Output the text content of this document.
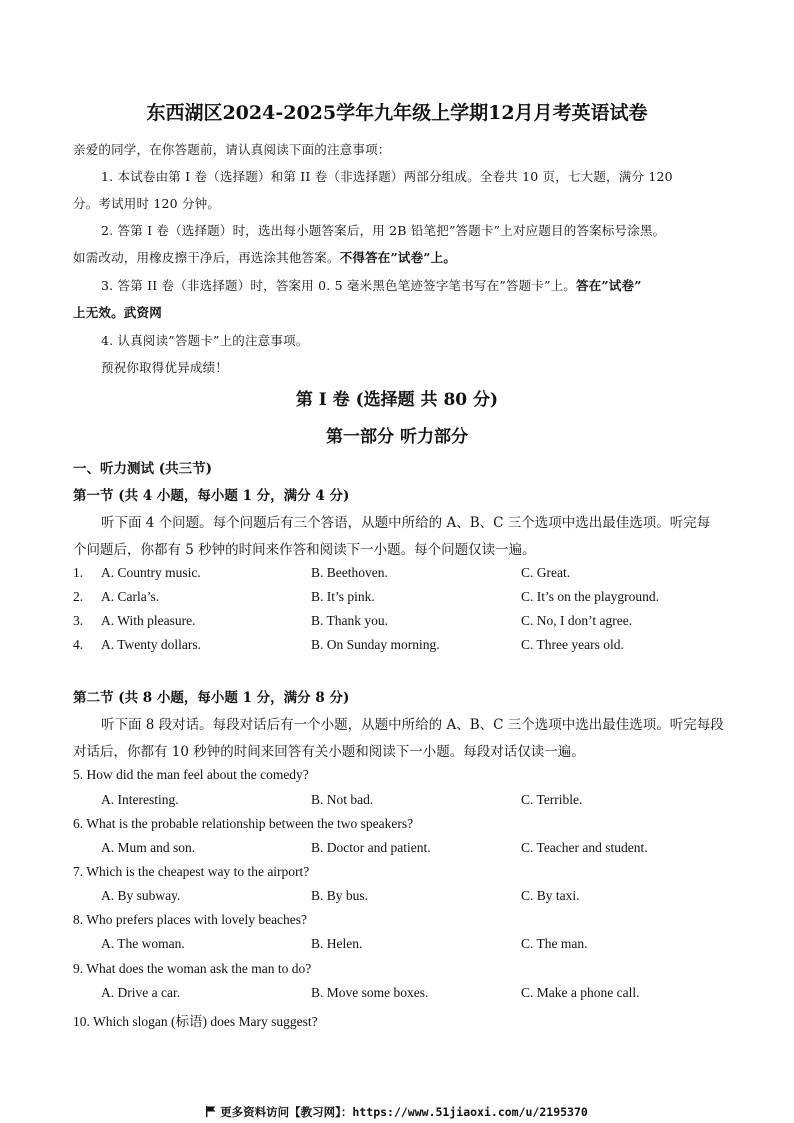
东西湖区2024-2025学年九年级上学期12月月考英语试卷
亲爱的同学，在你答题前，请认真阅读下面的注意事项：
1. 本试卷由第 I 卷（选择题）和第 II 卷（非选择题）两部分组成。全卷共 10 页，七大题，满分 120
分。考试用时 120 分钟。
2. 答第 I 卷（选择题）时，选出每小题答案后，用 2B 铅笔把”答题卡”上对应题目的答案标号涂黑。
如需改动，用橡皮擦干净后，再选涂其他答案。不得答在”试卷”上。
3. 答第 II 卷（非选择题）时，答案用 0. 5 毫米黑色笔迹签字笔书写在”答题卡”上。答在”试卷”
上无效。武资网
4. 认真阅读”答题卡”上的注意事项。
预祝你取得优异成绩！
第 I 卷 (选择题 共 80 分)
第一部分 听力部分
一、听力测试 (共三节)
第一节 (共 4 小题，每小题 1 分，满分 4 分)
听下面 4 个问题。每个问题后有三个答语，从题中所给的 A、B、C 三个选项中选出最佳选项。听完每
个问题后，你都有 5 秒钟的时间来作答和阅读下一小题。每个问题仅读一遍。
1. A. Country music.	B. Beethoven.	C. Great.
2. A. Carla’s.	B. It’s pink.	C. It’s on the playground.
3. A. With pleasure.	B. Thank you.	C. No, I don’t agree.
4. A. Twenty dollars.	B. On Sunday morning.	C. Three years old.
第二节 (共 8 小题，每小题 1 分，满分 8 分)
听下面 8 段对话。每段对话后有一个小题，从题中所给的 A、B、C 三个选项中选出最佳选项。听完每段
对话后，你都有 10 秒钟的时间来回答有关小题和阅读下一小题。每段对话仅读一遍。
5. How did the man feel about the comedy?
A. Interesting.	B. Not bad.	C. Terrible.
6. What is the probable relationship between the two speakers?
A. Mum and son.	B. Doctor and patient.	C. Teacher and student.
7. Which is the cheapest way to the airport?
A. By subway.	B. By bus.	C. By taxi.
8. Who prefers places with lovely beaches?
A. The woman.	B. Helen.	C. The man.
9. What does the woman ask the man to do?
A. Drive a car.	B. Move some boxes.	C. Make a phone call.
10. Which slogan (标语) does Mary suggest?
更多资料访问【教习网】：https://www.51jiaoxi.com/u/2195370
